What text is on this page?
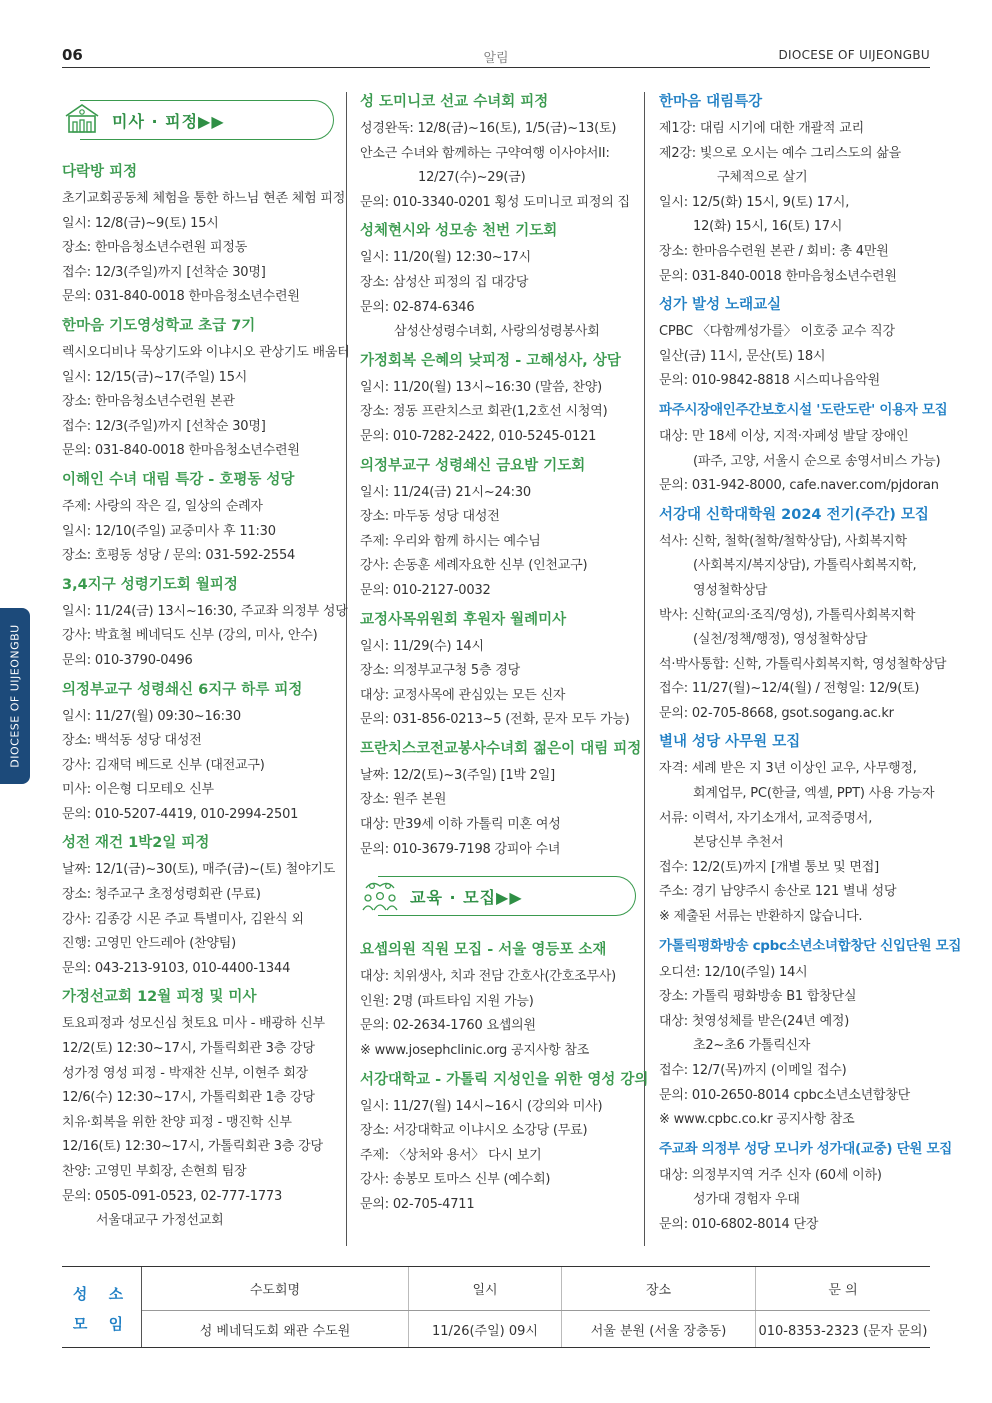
06	알림	DIOCESE OF UIJEONGBU
DIOCESE OF UIJEONGBU
미사 · 피정▶▶
다락방 피정
초기교회공동체 체험을 통한 하느님 현존 체험 피정
일시: 12/8(금)~9(토) 15시
장소: 한마음청소년수련원 피정동
접수: 12/3(주일)까지 [선착순 30명]
문의: 031-840-0018 한마음청소년수련원
한마음 기도영성학교 초급 7기
렉시오디비나 묵상기도와 이냐시오 관상기도 배움터
일시: 12/15(금)~17(주일) 15시
장소: 한마음청소년수련원 본관
접수: 12/3(주일)까지 [선착순 30명]
문의: 031-840-0018 한마음청소년수련원
이해인 수녀 대림 특강 - 호평동 성당
주제: 사랑의 작은 길, 일상의 순례자
일시: 12/10(주일) 교중미사 후 11:30
장소: 호평동 성당 / 문의: 031-592-2554
3,4지구 성령기도회 월피정
일시: 11/24(금) 13시~16:30, 주교좌 의정부 성당
강사: 박효철 베네딕도 신부 (강의, 미사, 안수)
문의: 010-3790-0496
의정부교구 성령쇄신 6지구 하루 피정
일시: 11/27(월) 09:30~16:30
장소: 백석동 성당 대성전
강사: 김재덕 베드로 신부 (대전교구)
미사: 이은형 디모테오 신부
문의: 010-5207-4419, 010-2994-2501
성전 재건 1박2일 피정
날짜: 12/1(금)~30(토), 매주(금)~(토) 철야기도
장소: 청주교구 초정성령회관 (무료)
강사: 김종강 시몬 주교 특별미사, 김완식 외
진행: 고영민 안드레아 (찬양팀)
문의: 043-213-9103, 010-4400-1344
가정선교회 12월 피정 및 미사
토요피정과 성모신심 첫토요 미사 - 배광하 신부
12/2(토) 12:30~17시, 가톨릭회관 3층 강당
성가정 영성 피정 - 박재찬 신부, 이현주 회장
12/6(수) 12:30~17시, 가톨릭회관 1층 강당
치유·회복을 위한 찬양 피정 - 맹진학 신부
12/16(토) 12:30~17시, 가톨릭회관 3층 강당
찬양: 고영민 부회장, 손현희 팀장
문의: 0505-091-0523, 02-777-1773
서울대교구 가정선교회
성 도미니코 선교 수녀회 피정
성경완독: 12/8(금)~16(토), 1/5(금)~13(토)
안소근 수녀와 함께하는 구약여행 이사야서II:
12/27(수)~29(금)
문의: 010-3340-0201 횡성 도미니코 피정의 집
성체현시와 성모송 천번 기도회
일시: 11/20(월) 12:30~17시
장소: 삼성산 피정의 집 대강당
문의: 02-874-6346
삼성산성령수녀회, 사랑의성령봉사회
가정회복 은혜의 낮피정 - 고해성사, 상담
일시: 11/20(월) 13시~16:30 (말씀, 찬양)
장소: 정동 프란치스코 회관(1,2호선 시청역)
문의: 010-7282-2422, 010-5245-0121
의정부교구 성령쇄신 금요밤 기도회
일시: 11/24(금) 21시~24:30
장소: 마두동 성당 대성전
주제: 우리와 함께 하시는 예수님
강사: 손동훈 세례자요한 신부 (인천교구)
문의: 010-2127-0032
교정사목위원회 후원자 월례미사
일시: 11/29(수) 14시
장소: 의정부교구청 5층 경당
대상: 교정사목에 관심있는 모든 신자
문의: 031-856-0213~5 (전화, 문자 모두 가능)
프란치스코전교봉사수녀회 젊은이 대림 피정
날짜: 12/2(토)~3(주일) [1박 2일]
장소: 원주 본원
대상: 만39세 이하 가톨릭 미혼 여성
문의: 010-3679-7198 강피아 수녀
교육 · 모집▶▶
요셉의원 직원 모집 - 서울 영등포 소재
대상: 치위생사, 치과 전담 간호사(간호조무사)
인원: 2명 (파트타임 지원 가능)
문의: 02-2634-1760 요셉의원
※ www.josephclinic.org 공지사항 참조
서강대학교 - 가톨릭 지성인을 위한 영성 강의
일시: 11/27(월) 14시~16시 (강의와 미사)
장소: 서강대학교 이냐시오 소강당 (무료)
주제: 〈상처와 용서〉 다시 보기
강사: 송봉모 토마스 신부 (예수회)
문의: 02-705-4711
한마음 대림특강
제1강: 대림 시기에 대한 개괄적 교리
제2강: 빛으로 오시는 예수 그리스도의 삶을
구체적으로 살기
일시: 12/5(화) 15시, 9(토) 17시,
12(화) 15시, 16(토) 17시
장소: 한마음수련원 본관 / 회비: 총 4만원
문의: 031-840-0018 한마음청소년수련원
성가 발성 노래교실
CPBC 〈다함께성가를〉 이호중 교수 직강
일산(금) 11시, 문산(토) 18시
문의: 010-9842-8818 시스띠나음악원
파주시장애인주간보호시설 '도란도란' 이용자 모집
대상: 만 18세 이상, 지적·자폐성 발달 장애인
(파주, 고양, 서울시 순으로 송영서비스 가능)
문의: 031-942-8000, cafe.naver.com/pjdoran
서강대 신학대학원 2024 전기(주간) 모집
석사: 신학, 철학(철학/철학상담), 사회복지학
(사회복지/복지상담), 가톨릭사회복지학,
영성철학상담
박사: 신학(교의·조직/영성), 가톨릭사회복지학
(실천/정책/행정), 영성철학상담
석·박사통합: 신학, 가톨릭사회복지학, 영성철학상담
접수: 11/27(월)~12/4(월) / 전형일: 12/9(토)
문의: 02-705-8668, gsot.sogang.ac.kr
별내 성당 사무원 모집
자격: 세례 받은 지 3년 이상인 교우, 사무행정,
회계업무, PC(한글, 엑셀, PPT) 사용 가능자
서류: 이력서, 자기소개서, 교적증명서,
본당신부 추천서
접수: 12/2(토)까지 [개별 통보 및 면접]
주소: 경기 남양주시 송산로 121 별내 성당
※ 제출된 서류는 반환하지 않습니다.
가톨릭평화방송 cpbc소년소녀합창단 신입단원 모집
오디션: 12/10(주일) 14시
장소: 가톨릭 평화방송 B1 합창단실
대상: 첫영성체를 받은(24년 예정)
초2~초6 가톨릭신자
접수: 12/7(목)까지 (이메일 접수)
문의: 010-2650-8014 cpbc소년소년합창단
※ www.cpbc.co.kr 공지사항 참조
주교좌 의정부 성당 모니카 성가대(교중) 단원 모집
대상: 의정부지역 거주 신자 (60세 이하)
성가대 경험자 우대
문의: 010-6802-8014 단장
성 소
모 임
수도회명	일시	장소	문 의
성 베네딕도회 왜관 수도원	11/26(주일) 09시	서울 분원 (서울 장충동)	010-8353-2323 (문자 문의)
